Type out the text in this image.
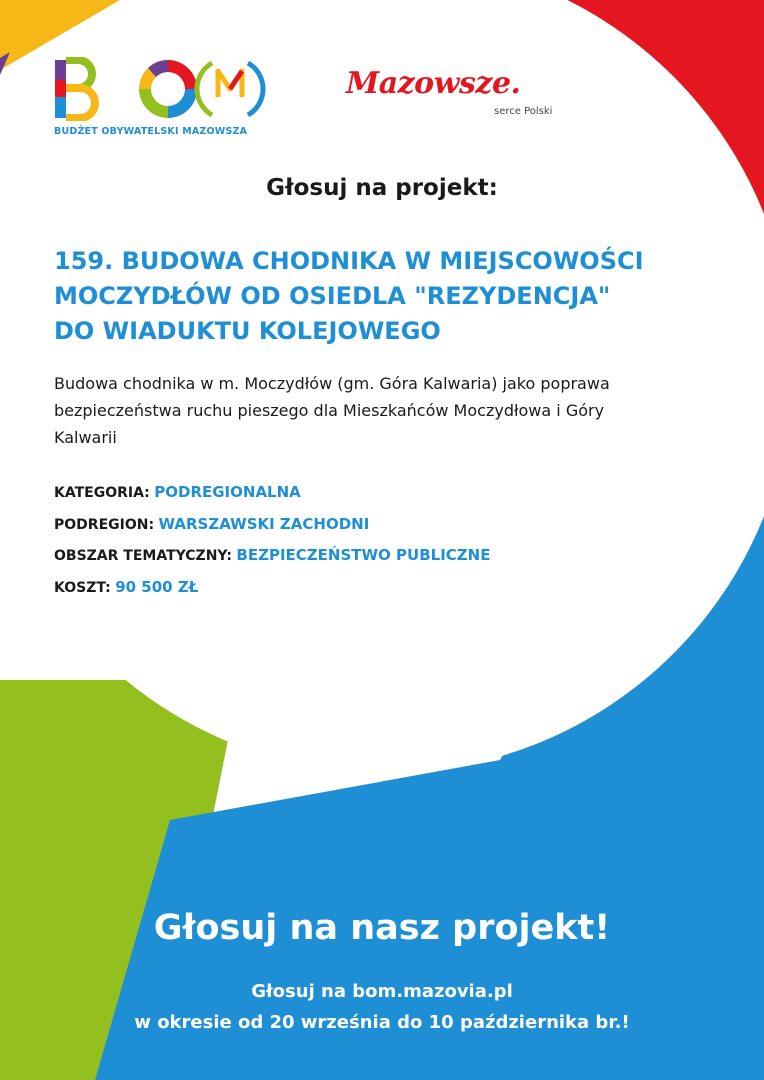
BUDŻET OBYWATELSKI MAZOWSZA
Mazowsze.
serce Polski
Głosuj na projekt:
159. BUDOWA CHODNIKA W MIEJSCOWOŚCI
MOCZYDŁÓW OD OSIEDLA "REZYDENCJA"
DO WIADUKTU KOLEJOWEGO
Budowa chodnika w m. Moczydłów (gm. Góra Kalwaria) jako poprawa
bezpieczeństwa ruchu pieszego dla Mieszkańców Moczydłowa i Góry
Kalwarii
KATEGORIA: PODREGIONALNA
PODREGION: WARSZAWSKI ZACHODNI
OBSZAR TEMATYCZNY: BEZPIECZEŃSTWO PUBLICZNE
KOSZT: 90 500 ZŁ
Głosuj na nasz projekt!
Głosuj na bom.mazovia.pl
w okresie od 20 września do 10 października br.!
